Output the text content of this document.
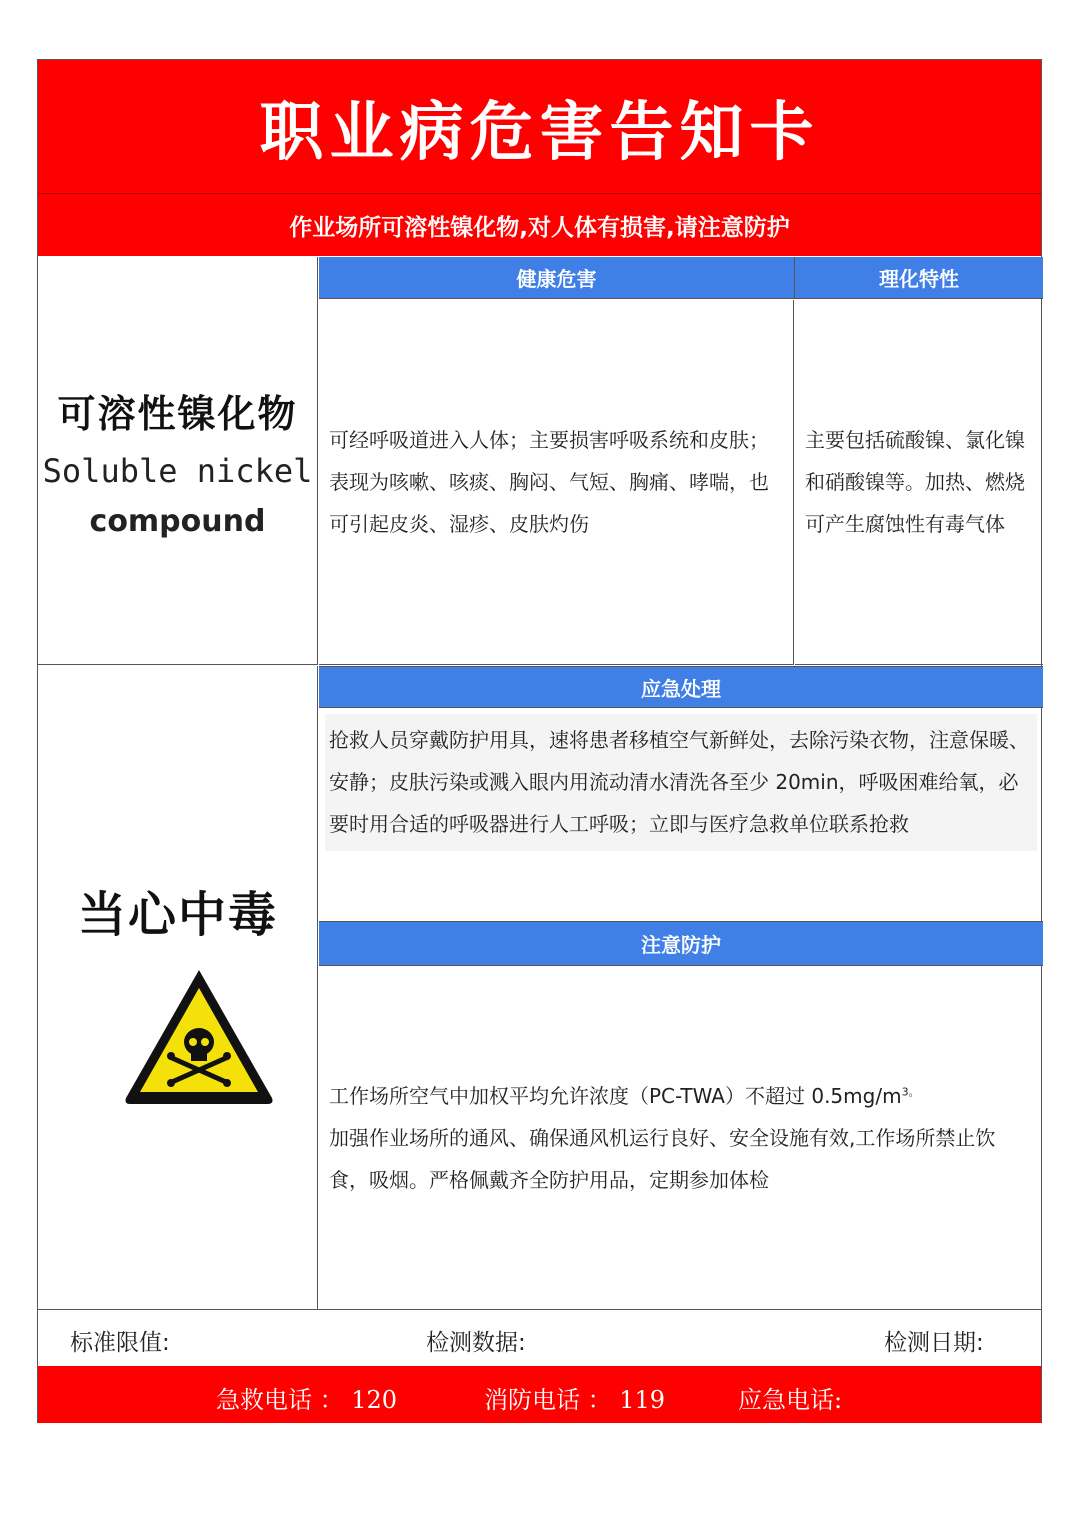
职业病危害告知卡
作业场所可溶性镍化物,对人体有损害,请注意防护
可溶性镍化物
Soluble nickel
compound
健康危害	理化特性
可经呼吸道进入人体；主要损害呼吸系统和皮肤；表现为咳嗽、咳痰、胸闷、气短、胸痛、哮喘，也可引起皮炎、湿疹、皮肤灼伤
主要包括硫酸镍、氯化镍和硝酸镍等。加热、燃烧可产生腐蚀性有毒气体
当心中毒
应急处理
抢救人员穿戴防护用具，速将患者移植空气新鲜处，去除污染衣物，注意保暖、安静；皮肤污染或溅入眼内用流动清水清洗各至少 20min，呼吸困难给氧，必要时用合适的呼吸器进行人工呼吸；立即与医疗急救单位联系抢救
注意防护

工作场所空气中加权平均允许浓度（PC-TWA）不超过 $0.5mg/m^{3。}$

加强作业场所的通风、确保通风机运行良好、安全设施有效,工作场所禁止饮食，吸烟。严格佩戴齐全防护用品，定期参加体检

标准限值:	检测数据:	检测日期:
急救电话 ： 120	消防电话 ： 119	应急电话:
